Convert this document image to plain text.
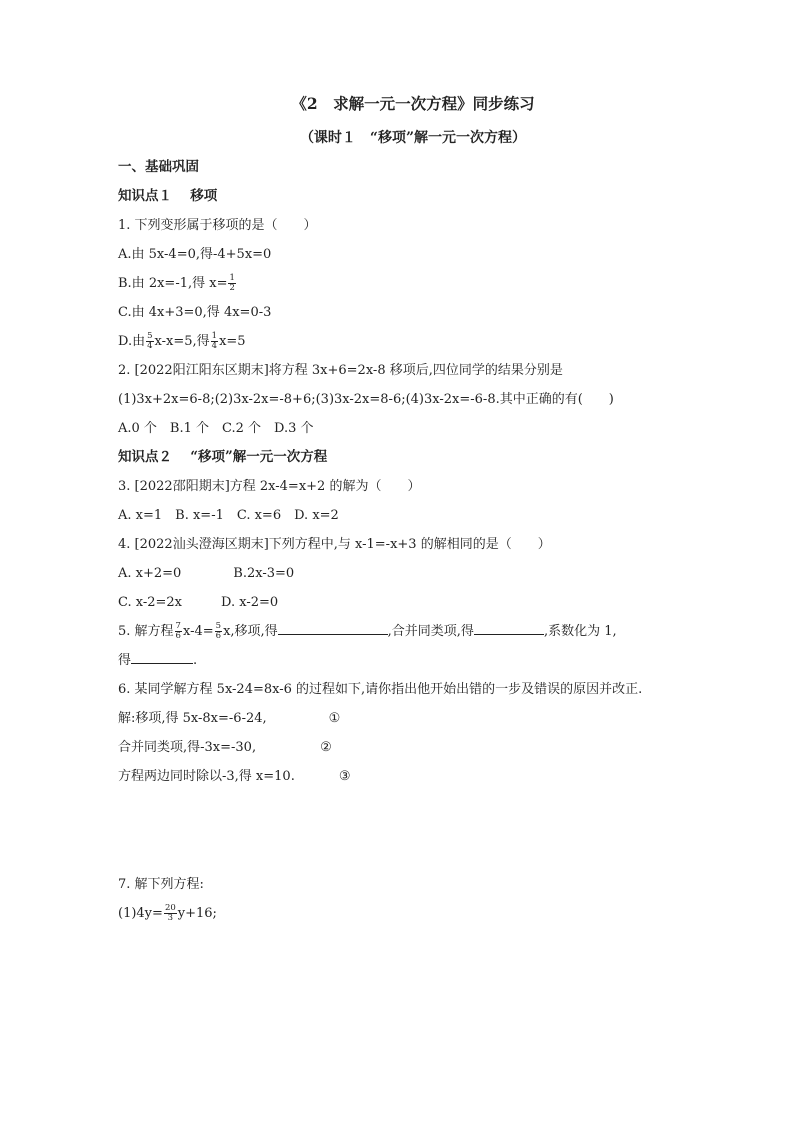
《2　求解一元一次方程》同步练习
（课时１　“移项”解一元一次方程）
一、基础巩固
知识点１　 移项
1. 下列变形属于移项的是（　　）
A.由 5x-4=0,得-4+5x=0
B.由 2x=-1,得 $x= \frac{1}{2}$
C.由 4x+3=0,得 4x=0-3
D.由 $\frac{5}{4} x-x=5$,得 $\frac{1}{4} x=5$
2. [2022阳江阳东区期末]将方程 3x+6=2x-8 移项后,四位同学的结果分别是
(1)3x+2x=6-8;(2)3x-2x=-8+6;(3)3x-2x=8-6;(4)3x-2x=-6-8.其中正确的有(　　)
A.0 个　B.1 个　C.2 个　D.3 个
知识点２　 “移项”解一元一次方程
3. [2022邵阳期末]方程 2x-4=x+2 的解为（　　）
A. x=1　B. x=-1　C. x=6　D. x=2
4. [2022汕头澄海区期末]下列方程中,与 x-1=-x+3 的解相同的是（　　）
A. x+2=0　　　　B.2x-3=0
C. x-2=2x　　　D. x-2=0
5. 解方程 $\frac{7}{6} x-4= \frac{5}{6} x$,移项,得	,合并同类项,得	,系数化为 1,
得	.
6. 某同学解方程 5x-24=8x-6 的过程如下,请你指出他开始出错的一步及错误的原因并改正.
解:移项,得 5x-8x=-6-24,	①
合并同类项,得-3x=-30,	②
方程两边同时除以-3,得 x=10.	③
7. 解下列方程:
$(1)4y= \frac{20}{3} y+16$;
